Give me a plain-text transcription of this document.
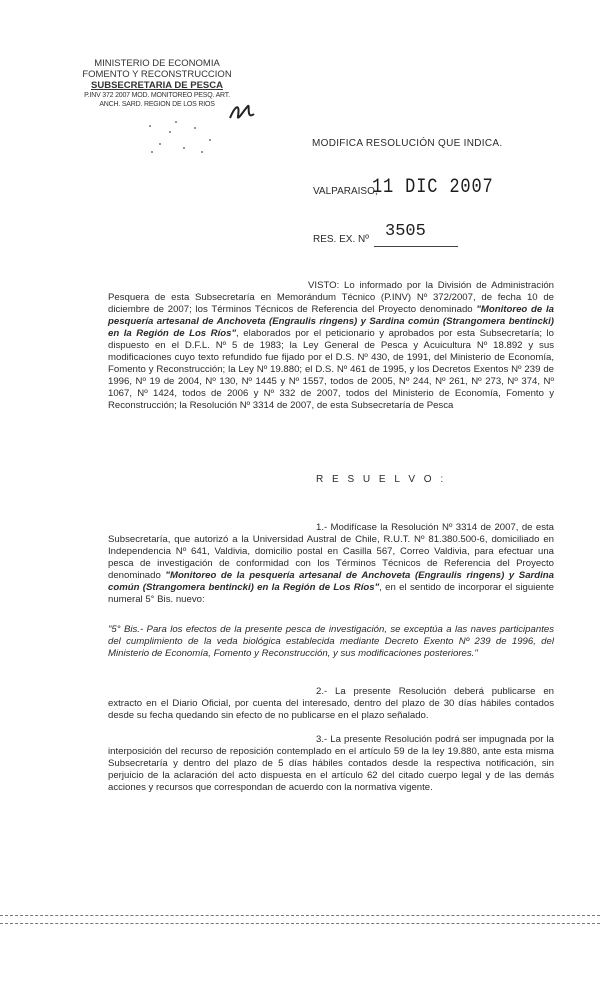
MINISTERIO DE ECONOMIA
FOMENTO Y RECONSTRUCCION
SUBSECRETARIA DE PESCA
P.INV 372 2007 MOD. MONITOREO PESQ. ART.
ANCH. SARD. REGION DE LOS RIOS
MODIFICA RESOLUCIÓN QUE INDICA.
VALPARAISO,
11 DIC 2007
RES. EX. Nº 3505
VISTO: Lo informado por la División de Administración Pesquera de esta Subsecretaría en Memorándum Técnico (P.INV) Nº 372/2007, de fecha 10 de diciembre de 2007; los Términos Técnicos de Referencia del Proyecto denominado "Monitoreo de la pesquería artesanal de Anchoveta (Engraulis ringens) y Sardina común (Strangomera bentincki) en la Región de Los Ríos", elaborados por el peticionario y aprobados por esta Subsecretaría; lo dispuesto en el D.F.L. Nº 5 de 1983; la Ley General de Pesca y Acuicultura Nº 18.892 y sus modificaciones cuyo texto refundido fue fijado por el D.S. Nº 430, de 1991, del Ministerio de Economía, Fomento y Reconstrucción; la Ley Nº 19.880; el D.S. Nº 461 de 1995, y los Decretos Exentos Nº 239 de 1996, Nº 19 de 2004, Nº 130, Nº 1445 y Nº 1557, todos de 2005, Nº 244, Nº 261, Nº 273, Nº 374, Nº 1067, Nº 1424, todos de 2006 y Nº 332 de 2007, todos del Ministerio de Economía, Fomento y Reconstrucción; la Resolución Nº 3314 de 2007, de esta Subsecretaría de Pesca
R E S U E L V O :
1.- Modifícase la Resolución Nº 3314 de 2007, de esta Subsecretaría, que autorizó a la Universidad Austral de Chile, R.U.T. Nº 81.380.500-6, domiciliado en Independencia Nº 641, Valdivia, domicilio postal en Casilla 567, Correo Valdivia, para efectuar una pesca de investigación de conformidad con los Términos Técnicos de Referencia del Proyecto denominado "Monitoreo de la pesquería artesanal de Anchoveta (Engraulis ringens) y Sardina común (Strangomera bentincki) en la Región de Los Ríos", en el sentido de incorporar el siguiente numeral 5° Bis. nuevo:
"5° Bis.- Para los efectos de la presente pesca de investigación, se exceptúa a las naves participantes del cumplimiento de la veda biológica establecida mediante Decreto Exento Nº 239 de 1996, del Ministerio de Economía, Fomento y Reconstrucción, y sus modificaciones posteriores."
2.- La presente Resolución deberá publicarse en extracto en el Diario Oficial, por cuenta del interesado, dentro del plazo de 30 días hábiles contados desde su fecha quedando sin efecto de no publicarse en el plazo señalado.
3.- La presente Resolución podrá ser impugnada por la interposición del recurso de reposición contemplado en el artículo 59 de la ley 19.880, ante esta misma Subsecretaría y dentro del plazo de 5 días hábiles contados desde la respectiva notificación, sin perjuicio de la aclaración del acto dispuesta en el artículo 62 del citado cuerpo legal y de las demás acciones y recursos que correspondan de acuerdo con la normativa vigente.
